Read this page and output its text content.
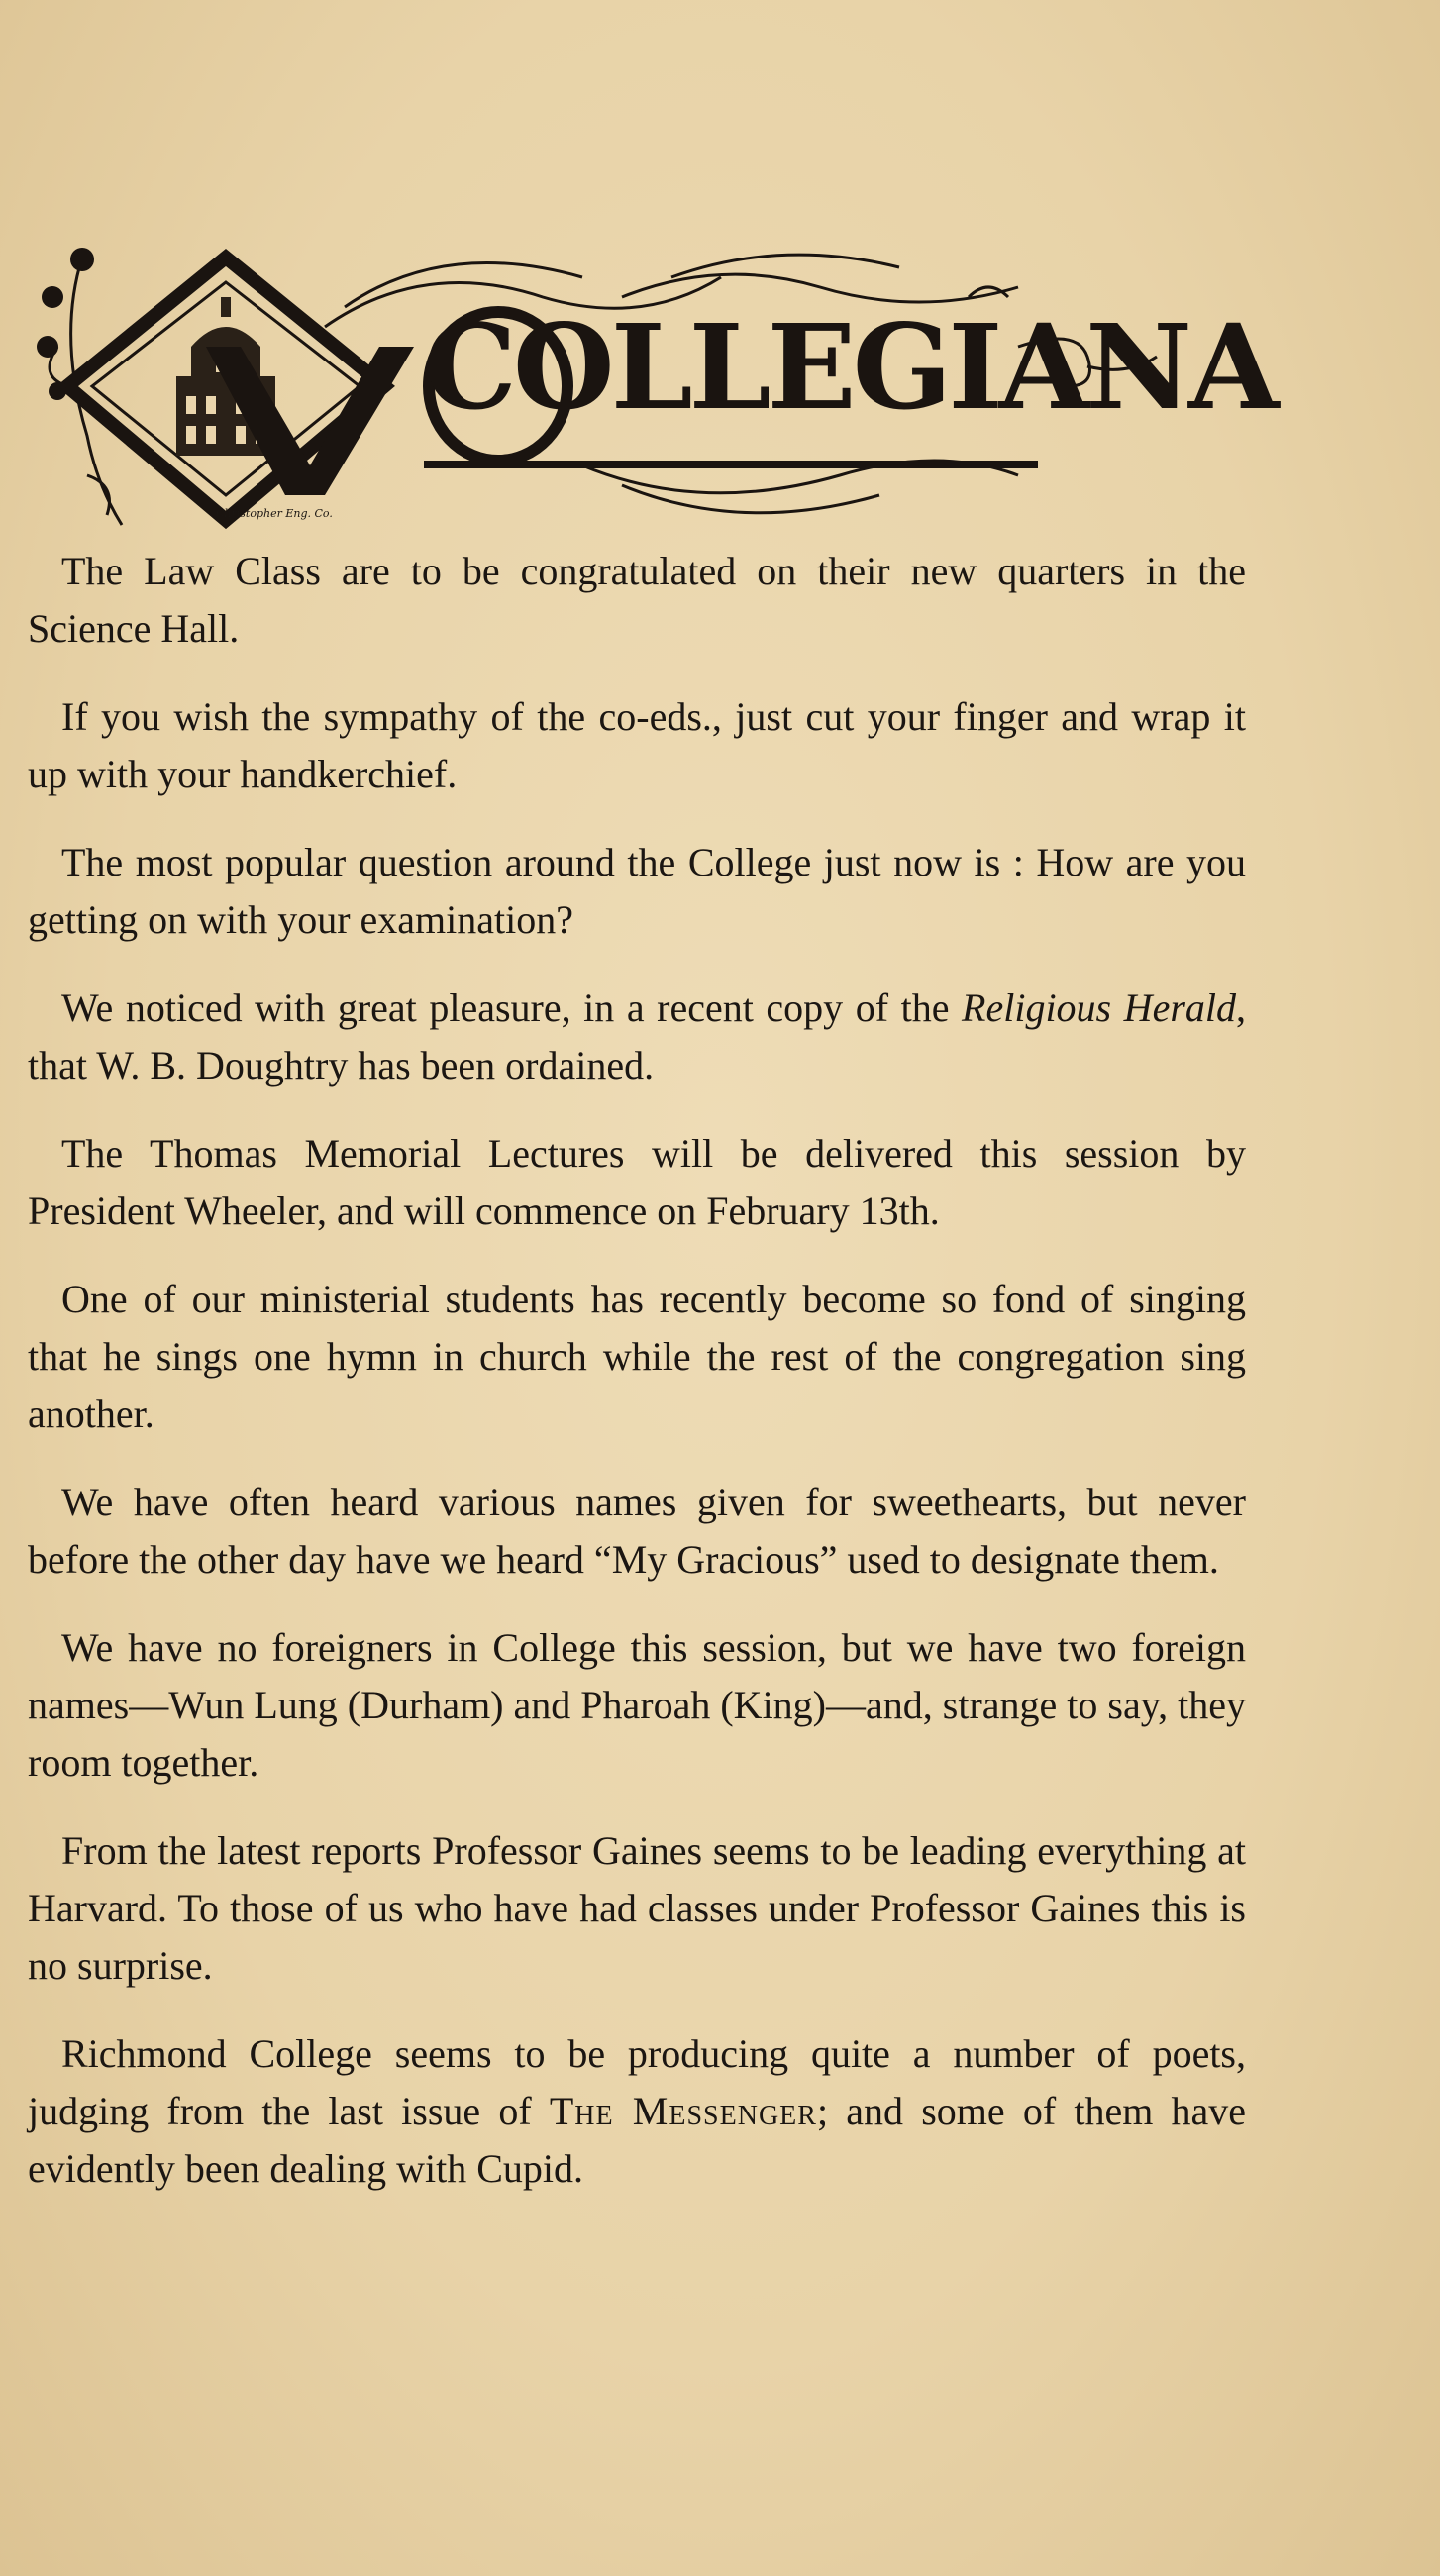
COLLEGIANA
Christopher Eng. Co.

The Law Class are to be congratulated on their new quarters in the Science Hall.

If you wish the sympathy of the co-eds., just cut your finger and wrap it up with your handkerchief.

The most popular question around the College just now is : How are you getting on with your examination?

We noticed with great pleasure, in a recent copy of the Religious Herald, that W. B. Doughtry has been ordained.

The Thomas Memorial Lectures will be delivered this session by President Wheeler, and will commence on February 13th.

One of our ministerial students has recently become so fond of singing that he sings one hymn in church while the rest of the congregation sing another.

We have often heard various names given for sweethearts, but never before the other day have we heard “My Gracious” used to designate them.

We have no foreigners in College this session, but we have two foreign names—Wun Lung (Durham) and Pharoah (King)—and, strange to say, they room together.

From the latest reports Professor Gaines seems to be leading everything at Harvard. To those of us who have had classes under Professor Gaines this is no surprise.

Richmond College seems to be producing quite a number of poets, judging from the last issue of The Messenger; and some of them have evidently been dealing with Cupid.
